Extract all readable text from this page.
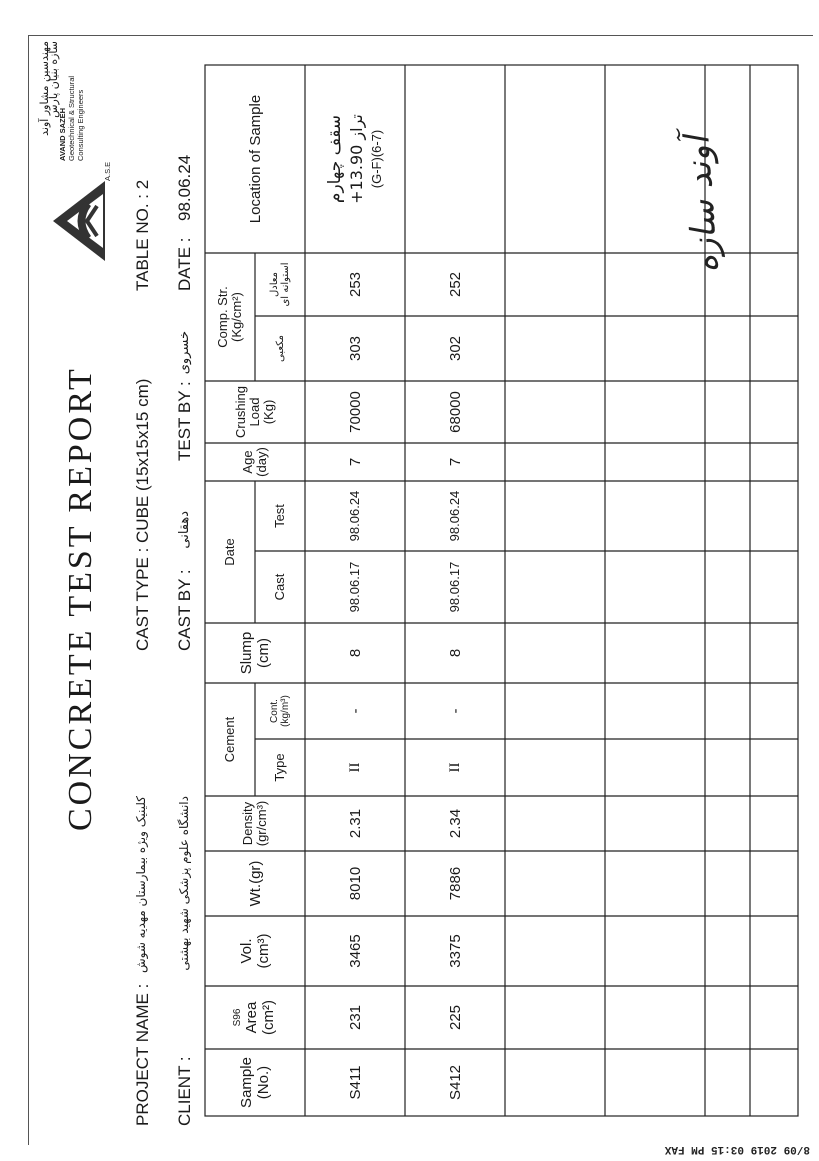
8/09 2019 03:15 PM FAX
مهندسین مشاور آوند سازه بنیان پارس
AVAND SAZEH Geotechnical & Structural Consulting Engineers
A.S.E
CONCRETE TEST REPORT
PROJECT NAME :
کلینیک ویژه بیمارستان مهدیه شوش
CAST TYPE : CUBE (15x15x15 cm)
TABLE NO. : 2
CLIENT :
دانشگاه علوم پزشکی شهید بهشتی
CAST BY :
دهقانی
TEST BY :
خسروی
DATE :
98.06.24
Sample
(No.)
S96 Area
(cm²)
Vol.
(cm³)
Wt.(gr)
Density
(gr/cm³)
Cement
Type
Cont.
(kg/m³)
Slump
(cm)
Date
Cast
Test
Age
(day)
Crushing
Load
(Kg)
Comp. Str.
(Kg/cm²)
مکعبی
معادل
استوانه ای
Location of Sample
S411
231
3465
8010
2.31
II
-
8
98.06.17
98.06.24
7
70000
303
253
سقف چهارم تراز 13.90+
(G-F)(6-7)
S412
225
3375
7886
2.34
II
-
8
98.06.17
98.06.24
7
68000
302
252
آوند سازه
